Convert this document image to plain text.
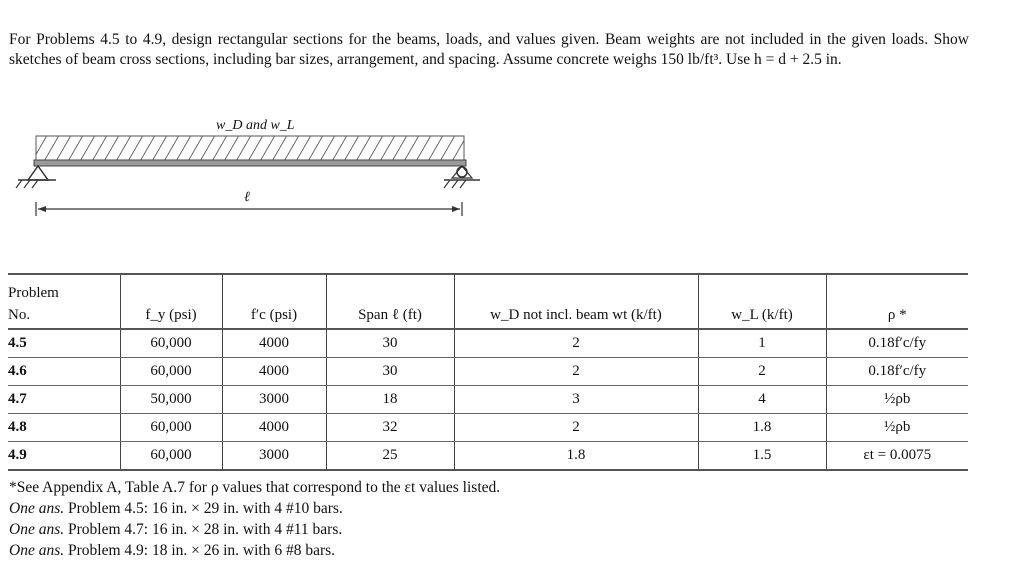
For Problems 4.5 to 4.9, design rectangular sections for the beams, loads, and values given. Beam weights are not included in the given loads. Show sketches of beam cross sections, including bar sizes, arrangement, and spacing. Assume concrete weighs 150 lb/ft³. Use h = d + 2.5 in.
w_D and w_L
ℓ
Problem						
No.	f_y (psi)	f′c (psi)	Span ℓ (ft)	w_D not incl. beam wt (k/ft)	w_L (k/ft)	ρ *
4.5	60,000	4000	30	2	1	0.18f′c/fy
4.6	60,000	4000	30	2	2	0.18f′c/fy
4.7	50,000	3000	18	3	4	½ρb
4.8	60,000	4000	32	2	1.8	½ρb
4.9	60,000	3000	25	1.8	1.5	εt = 0.0075
*See Appendix A, Table A.7 for ρ values that correspond to the εt values listed.
One ans. Problem 4.5: 16 in. × 29 in. with 4 #10 bars.
One ans. Problem 4.7: 16 in. × 28 in. with 4 #11 bars.
One ans. Problem 4.9: 18 in. × 26 in. with 6 #8 bars.
